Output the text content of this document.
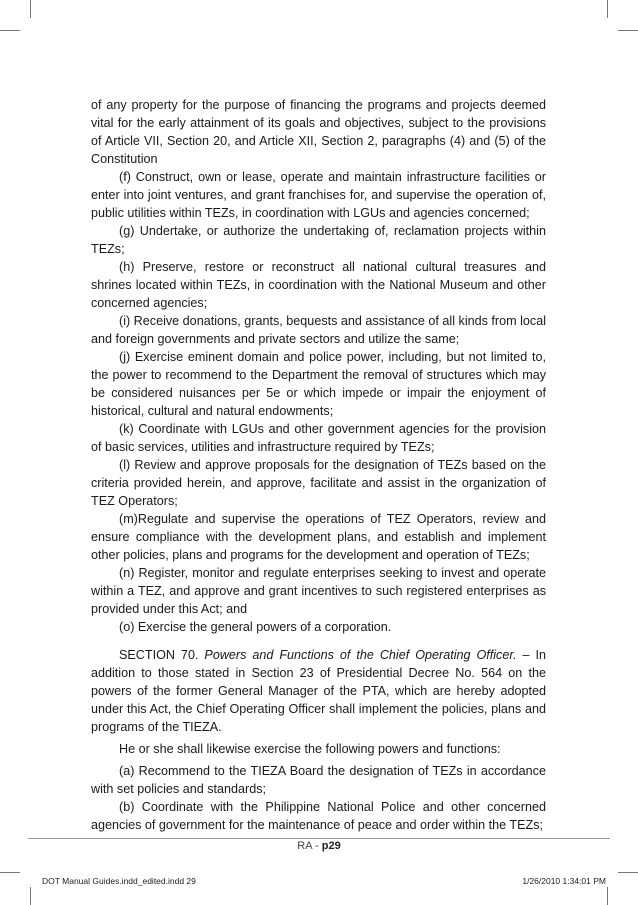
of any property for the purpose of financing the programs and projects deemed vital for the early attainment of its goals and objectives, subject to the provisions of Article VII, Section 20, and Article XII, Section 2, paragraphs (4) and (5) of the Constitution

(f) Construct, own or lease, operate and maintain infrastructure facilities or enter into joint ventures, and grant franchises for, and supervise the operation of, public utilities within TEZs, in coordination with LGUs and agencies concerned;

(g) Undertake, or authorize the undertaking of, reclamation projects within TEZs;

(h) Preserve, restore or reconstruct all national cultural treasures and shrines located within TEZs, in coordination with the National Museum and other concerned agencies;

(i) Receive donations, grants, bequests and assistance of all kinds from local and foreign governments and private sectors and utilize the same;

(j) Exercise eminent domain and police power, including, but not limited to, the power to recommend to the Department the removal of structures which may be considered nuisances per 5e or which impede or impair the enjoyment of historical, cultural and natural endowments;

(k) Coordinate with LGUs and other government agencies for the provision of basic services, utilities and infrastructure required by TEZs;

(l) Review and approve proposals for the designation of TEZs based on the criteria provided herein, and approve, facilitate and assist in the organization of TEZ Operators;

(m)Regulate and supervise the operations of TEZ Operators, review and ensure compliance with the development plans, and establish and implement other policies, plans and programs for the development and operation of TEZs;

(n) Register, monitor and regulate enterprises seeking to invest and operate within a TEZ, and approve and grant incentives to such registered enterprises as provided under this Act; and

(o) Exercise the general powers of a corporation.

SECTION 70. Powers and Functions of the Chief Operating Officer. – In addition to those stated in Section 23 of Presidential Decree No. 564 on the powers of the former General Manager of the PTA, which are hereby adopted under this Act, the Chief Operating Officer shall implement the policies, plans and programs of the TIEZA.

He or she shall likewise exercise the following powers and functions:

(a) Recommend to the TIEZA Board the designation of TEZs in accordance with set policies and standards;

(b) Coordinate with the Philippine National Police and other concerned agencies of government for the maintenance of peace and order within the TEZs;

RA - p29
DOT Manual Guides.indd_edited.indd 29	1/26/2010 1:34:01 PM
